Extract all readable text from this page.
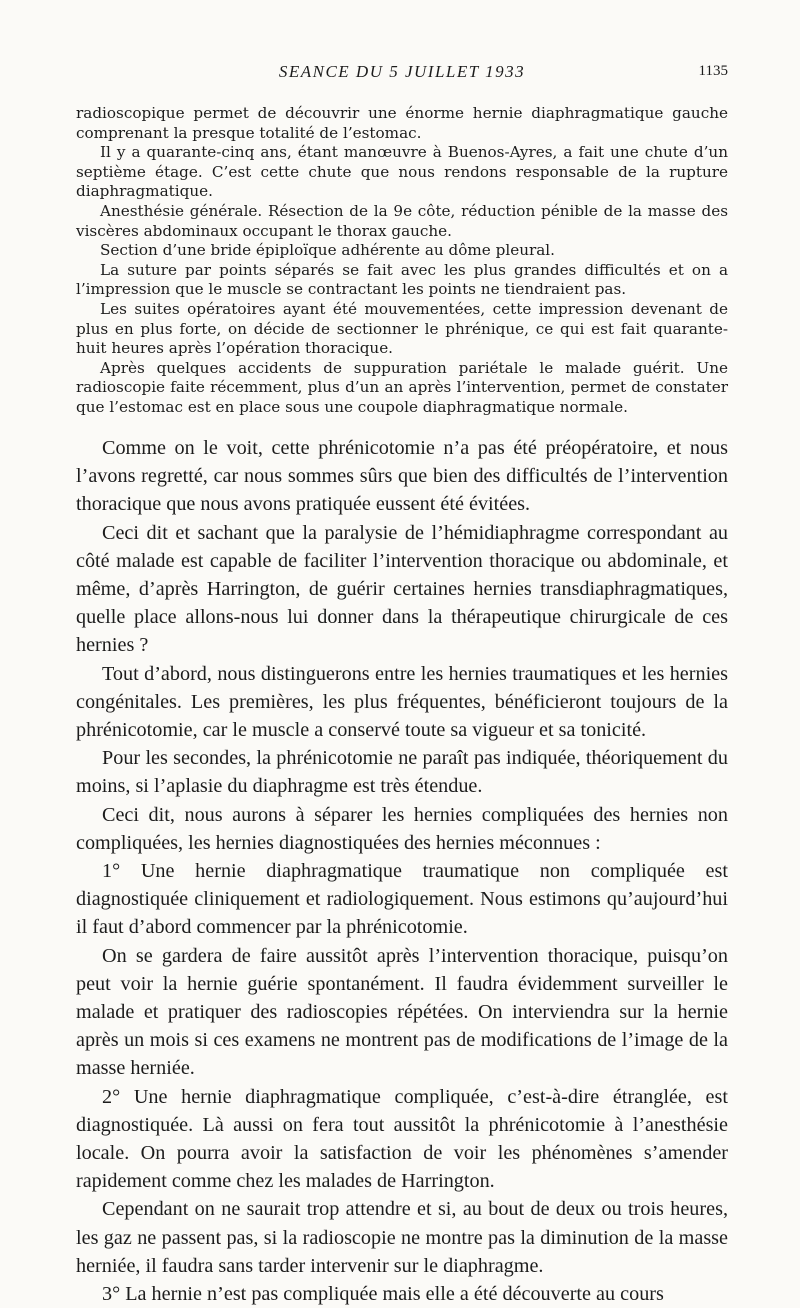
SEANCE DU 5 JUILLET 1933	1135

radioscopique permet de découvrir une énorme hernie diaphragmatique gauche comprenant la presque totalité de l’estomac.

Il y a quarante-cinq ans, étant manœuvre à Buenos-Ayres, a fait une chute d’un septième étage. C’est cette chute que nous rendons responsable de la rupture diaphragmatique.

Anesthésie générale. Résection de la 9e côte, réduction pénible de la masse des viscères abdominaux occupant le thorax gauche.

Section d’une bride épiploïque adhérente au dôme pleural.

La suture par points séparés se fait avec les plus grandes difficultés et on a l’impression que le muscle se contractant les points ne tiendraient pas.

Les suites opératoires ayant été mouvementées, cette impression devenant de plus en plus forte, on décide de sectionner le phrénique, ce qui est fait quarante-huit heures après l’opération thoracique.

Après quelques accidents de suppuration pariétale le malade guérit. Une radioscopie faite récemment, plus d’un an après l’intervention, permet de constater que l’estomac est en place sous une coupole diaphragmatique normale.

Comme on le voit, cette phrénicotomie n’a pas été préopératoire, et nous l’avons regretté, car nous sommes sûrs que bien des difficultés de l’intervention thoracique que nous avons pratiquée eussent été évitées.

Ceci dit et sachant que la paralysie de l’hémidiaphragme correspondant au côté malade est capable de faciliter l’intervention thoracique ou abdominale, et même, d’après Harrington, de guérir certaines hernies transdiaphragmatiques, quelle place allons-nous lui donner dans la thérapeutique chirurgicale de ces hernies ?

Tout d’abord, nous distinguerons entre les hernies traumatiques et les hernies congénitales. Les premières, les plus fréquentes, bénéficieront toujours de la phrénicotomie, car le muscle a conservé toute sa vigueur et sa tonicité.

Pour les secondes, la phrénicotomie ne paraît pas indiquée, théoriquement du moins, si l’aplasie du diaphragme est très étendue.

Ceci dit, nous aurons à séparer les hernies compliquées des hernies non compliquées, les hernies diagnostiquées des hernies méconnues :

1° Une hernie diaphragmatique traumatique non compliquée est diagnostiquée cliniquement et radiologiquement. Nous estimons qu’aujourd’hui il faut d’abord commencer par la phrénicotomie.

On se gardera de faire aussitôt après l’intervention thoracique, puisqu’on peut voir la hernie guérie spontanément. Il faudra évidemment surveiller le malade et pratiquer des radioscopies répétées. On interviendra sur la hernie après un mois si ces examens ne montrent pas de modifications de l’image de la masse herniée.

2° Une hernie diaphragmatique compliquée, c’est-à-dire étranglée, est diagnostiquée. Là aussi on fera tout aussitôt la phrénicotomie à l’anesthésie locale. On pourra avoir la satisfaction de voir les phénomènes s’amender rapidement comme chez les malades de Harrington.

Cependant on ne saurait trop attendre et si, au bout de deux ou trois heures, les gaz ne passent pas, si la radioscopie ne montre pas la diminution de la masse herniée, il faudra sans tarder intervenir sur le diaphragme.

3° La hernie n’est pas compliquée mais elle a été découverte au cours
